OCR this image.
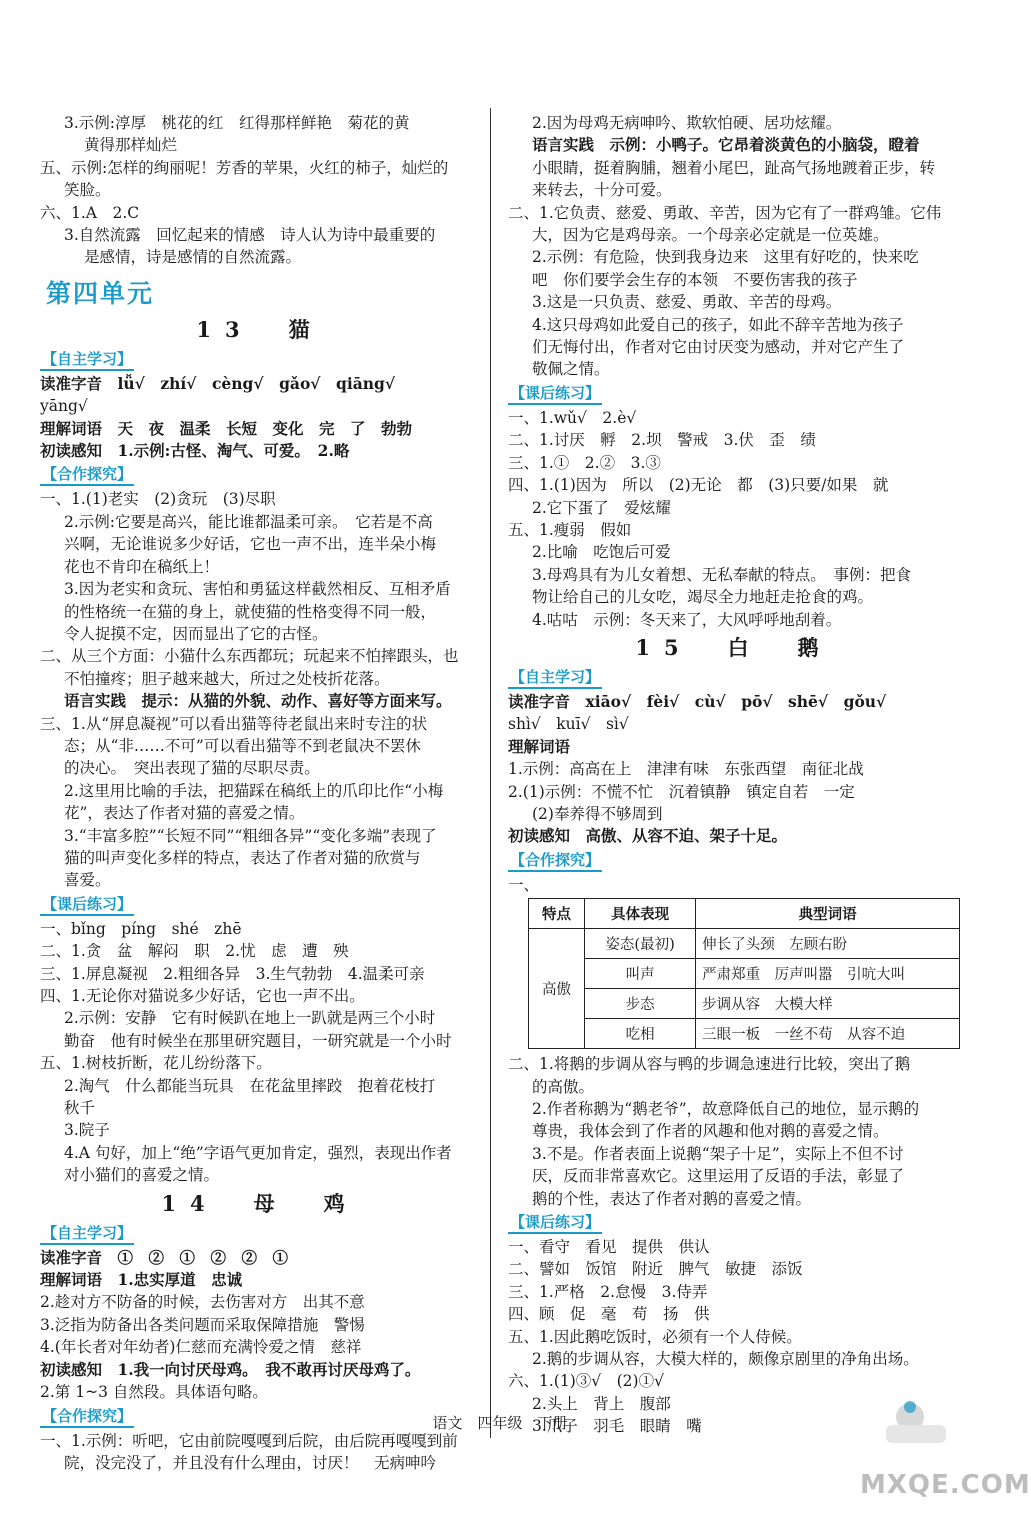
3.示例:淳厚　桃花的红　红得那样鲜艳　菊花的黄
黄得那样灿烂
五、示例:怎样的绚丽呢！芳香的苹果，火红的柿子，灿烂的
笑脸。
六、1.A　2.C
3.自然流露　回忆起来的情感　诗人认为诗中最重要的
是感情，诗是感情的自然流露。
第四单元
13　猫
【自主学习】
读准字音　lǚ√　zhí√　cèng√　gǎo√　qiāng√
yāng√
理解词语　天　夜　温柔　长短　变化　完　了　勃勃
初读感知　1.示例:古怪、淘气、可爱。　2.略
【合作探究】
一、1.(1)老实　(2)贪玩　(3)尽职
2.示例:它要是高兴，能比谁都温柔可亲。　它若是不高
兴啊，无论谁说多少好话，它也一声不出，连半朵小梅
花也不肯印在稿纸上！
3.因为老实和贪玩、害怕和勇猛这样截然相反、互相矛盾
的性格统一在猫的身上，就使猫的性格变得不同一般，
令人捉摸不定，因而显出了它的古怪。
二、从三个方面：小猫什么东西都玩；玩起来不怕摔跟头，也
不怕撞疼；胆子越来越大，所过之处枝折花落。
语言实践　提示：从猫的外貌、动作、喜好等方面来写。
三、1.从“屏息凝视”可以看出猫等待老鼠出来时专注的状
态；从“非……不可”可以看出猫等不到老鼠决不罢休
的决心。　突出表现了猫的尽职尽责。
2.这里用比喻的手法，把猫踩在稿纸上的爪印比作“小梅
花”，表达了作者对猫的喜爱之情。
3.“丰富多腔”“长短不同”“粗细各异”“变化多端”表现了
猫的叫声变化多样的特点，表达了作者对猫的欣赏与
喜爱。
【课后练习】
一、bǐng　píng　shé　zhē
二、1.贪　盆　解闷　职　2.忧　虑　遭　殃
三、1.屏息凝视　2.粗细各异　3.生气勃勃　4.温柔可亲
四、1.无论你对猫说多少好话，它也一声不出。
2.示例：安静　它有时候趴在地上一趴就是两三个小时
勤奋　他有时候坐在那里研究题目，一研究就是一个小时
五、1.树枝折断，花儿纷纷落下。
2.淘气　什么都能当玩具　在花盆里摔跤　抱着花枝打
秋千
3.院子
4.A 句好，加上“绝”字语气更加肯定，强烈，表现出作者
对小猫们的喜爱之情。
14　母　鸡
【自主学习】
读准字音　①　②　①　②　②　①
理解词语　1.忠实厚道　忠诚
2.趁对方不防备的时候，去伤害对方　出其不意
3.泛指为防备出各类问题而采取保障措施　警惕
4.(年长者对年幼者)仁慈而充满怜爱之情　慈祥
初读感知　1.我一向讨厌母鸡。　我不敢再讨厌母鸡了。
2.第 1~3 自然段。具体语句略。
【合作探究】
一、1.示例：听吧，它由前院嘎嘎到后院，由后院再嘎嘎到前
院，没完没了，并且没有什么理由，讨厌！　无病呻吟
2.因为母鸡无病呻吟、欺软怕硬、居功炫耀。
语言实践　示例：小鸭子。它昂着淡黄色的小脑袋，瞪着
小眼睛，挺着胸脯，翘着小尾巴，趾高气扬地踱着正步，转
来转去，十分可爱。
二、1.它负责、慈爱、勇敢、辛苦，因为它有了一群鸡雏。它伟
大，因为它是鸡母亲。一个母亲必定就是一位英雄。
2.示例：有危险，快到我身边来　这里有好吃的，快来吃
吧　你们要学会生存的本领　不要伤害我的孩子
3.这是一只负责、慈爱、勇敢、辛苦的母鸡。
4.这只母鸡如此爱自己的孩子，如此不辞辛苦地为孩子
们无悔付出，作者对它由讨厌变为感动，并对它产生了
敬佩之情。
【课后练习】
一、1.wǔ√　2.è√
二、1.讨厌　孵　2.坝　警戒　3.伏　歪　绩
三、1.①　2.②　3.③
四、1.(1)因为　所以　(2)无论　都　(3)只要/如果　就
2.它下蛋了　爱炫耀
五、1.瘦弱　假如
2.比喻　吃饱后可爱
3.母鸡具有为儿女着想、无私奉献的特点。　事例：把食
物让给自己的儿女吃，竭尽全力地赶走抢食的鸡。
4.咕咕　示例：冬天来了，大风呼呼地刮着。
15　白　鹅
【自主学习】
读准字音　xiāo√　fèi√　cù√　pō√　shē√　gǒu√
shì√　kuī√　sì√
理解词语
1.示例：高高在上　津津有味　东张西望　南征北战
2.(1)示例：不慌不忙　沉着镇静　镇定自若　一定
(2)奉养得不够周到
初读感知　高傲、从容不迫、架子十足。
【合作探究】
一、
特点	具体表现	典型词语
高傲	姿态(最初)	伸长了头颈　左顾右盼
	叫声	严肃郑重　厉声叫嚣　引吭大叫
	步态	步调从容　大模大样
	吃相	三眼一板　一丝不苟　从容不迫
二、1.将鹅的步调从容与鸭的步调急速进行比较，突出了鹅
的高傲。
2.作者称鹅为“鹅老爷”，故意降低自己的地位，显示鹅的
尊贵，我体会到了作者的风趣和他对鹅的喜爱之情。
3.不是。作者表面上说鹅“架子十足”，实际上不但不讨
厌，反而非常喜欢它。这里运用了反语的手法，彰显了
鹅的个性，表达了作者对鹅的喜爱之情。
【课后练习】
一、看守　看见　提供　供认
二、譬如　饭馆　附近　脾气　敏捷　添饭
三、1.严格　2.怠慢　3.侍弄
四、顾　促　毫　苟　扬　供
五、1.因此鹅吃饭时，必须有一个人侍候。
2.鹅的步调从容，大模大样的，颇像京剧里的净角出场。
六、1.(1)③√　(2)①√
2.头上　背上　腹部
3.爪子　羽毛　眼睛　嘴
语文　四年级　下册
MXQE.COM
